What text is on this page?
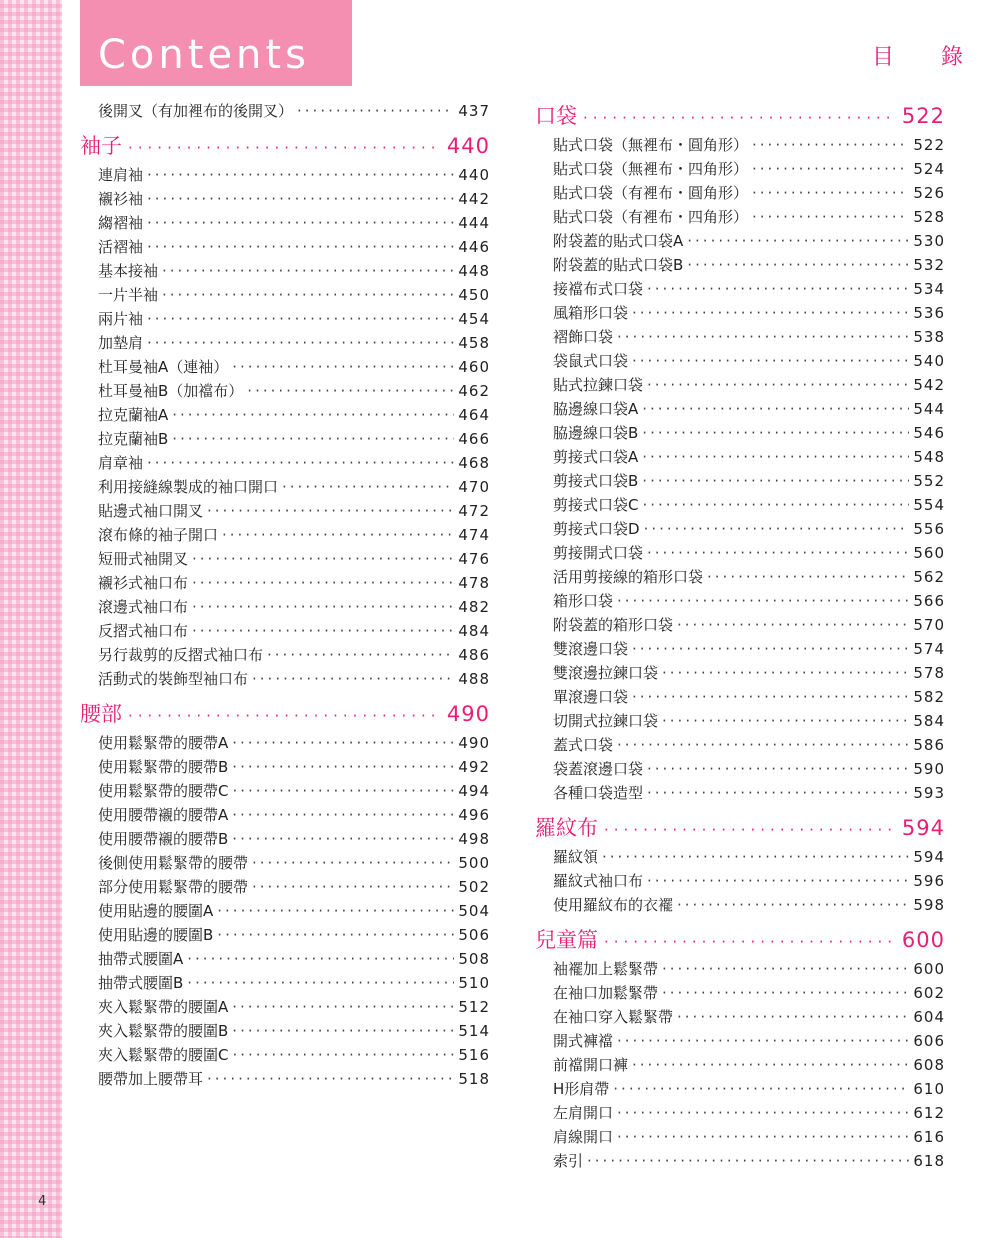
4
Contents	目 錄
後開叉（有加裡布的後開叉） ·····	437
袖子 ·····	440
連肩袖 ·····	440
襯衫袖 ·····	442
縐褶袖 ·····	444
活褶袖 ·····	446
基本接袖 ·····	448
一片半袖 ·····	450
兩片袖 ·····	454
加墊肩 ·····	458
杜耳曼袖A（連袖） ·····	460
杜耳曼袖B（加襠布） ·····	462
拉克蘭袖A ·····	464
拉克蘭袖B ·····	466
肩章袖 ·····	468
利用接縫線製成的袖口開口 ·····	470
貼邊式袖口開叉 ·····	472
滾布條的袖子開口 ·····	474
短冊式袖開叉 ·····	476
襯衫式袖口布 ·····	478
滾邊式袖口布 ·····	482
反摺式袖口布 ·····	484
另行裁剪的反摺式袖口布 ·····	486
活動式的裝飾型袖口布 ·····	488
腰部 ·····	490
使用鬆緊帶的腰帶A ·····	490
使用鬆緊帶的腰帶B ·····	492
使用鬆緊帶的腰帶C ·····	494
使用腰帶襯的腰帶A ·····	496
使用腰帶襯的腰帶B ·····	498
後側使用鬆緊帶的腰帶 ·····	500
部分使用鬆緊帶的腰帶 ·····	502
使用貼邊的腰圍A ·····	504
使用貼邊的腰圍B ·····	506
抽帶式腰圍A ·····	508
抽帶式腰圍B ·····	510
夾入鬆緊帶的腰圍A ·····	512
夾入鬆緊帶的腰圍B ·····	514
夾入鬆緊帶的腰圍C ·····	516
腰帶加上腰帶耳 ·····	518
口袋 ·····	522
貼式口袋（無裡布・圓角形） ·····	522
貼式口袋（無裡布・四角形） ·····	524
貼式口袋（有裡布・圓角形） ·····	526
貼式口袋（有裡布・四角形） ·····	528
附袋蓋的貼式口袋A ·····	530
附袋蓋的貼式口袋B ·····	532
接襠布式口袋 ·····	534
風箱形口袋 ·····	536
褶飾口袋 ·····	538
袋鼠式口袋 ·····	540
貼式拉鍊口袋 ·····	542
脇邊線口袋A ·····	544
脇邊線口袋B ·····	546
剪接式口袋A ·····	548
剪接式口袋B ·····	552
剪接式口袋C ·····	554
剪接式口袋D ·····	556
剪接開式口袋 ·····	560
活用剪接線的箱形口袋 ·····	562
箱形口袋 ·····	566
附袋蓋的箱形口袋 ·····	570
雙滾邊口袋 ·····	574
雙滾邊拉鍊口袋 ·····	578
單滾邊口袋 ·····	582
切開式拉鍊口袋 ·····	584
蓋式口袋 ·····	586
袋蓋滾邊口袋 ·····	590
各種口袋造型 ·····	593
羅紋布 ·····	594
羅紋領 ·····	594
羅紋式袖口布 ·····	596
使用羅紋布的衣襬 ·····	598
兒童篇 ·····	600
袖襬加上鬆緊帶 ·····	600
在袖口加鬆緊帶 ·····	602
在袖口穿入鬆緊帶 ·····	604
開式褲襠 ·····	606
前襠開口褲 ·····	608
H形肩帶 ·····	610
左肩開口 ·····	612
肩線開口 ·····	616
索引 ·····	618
